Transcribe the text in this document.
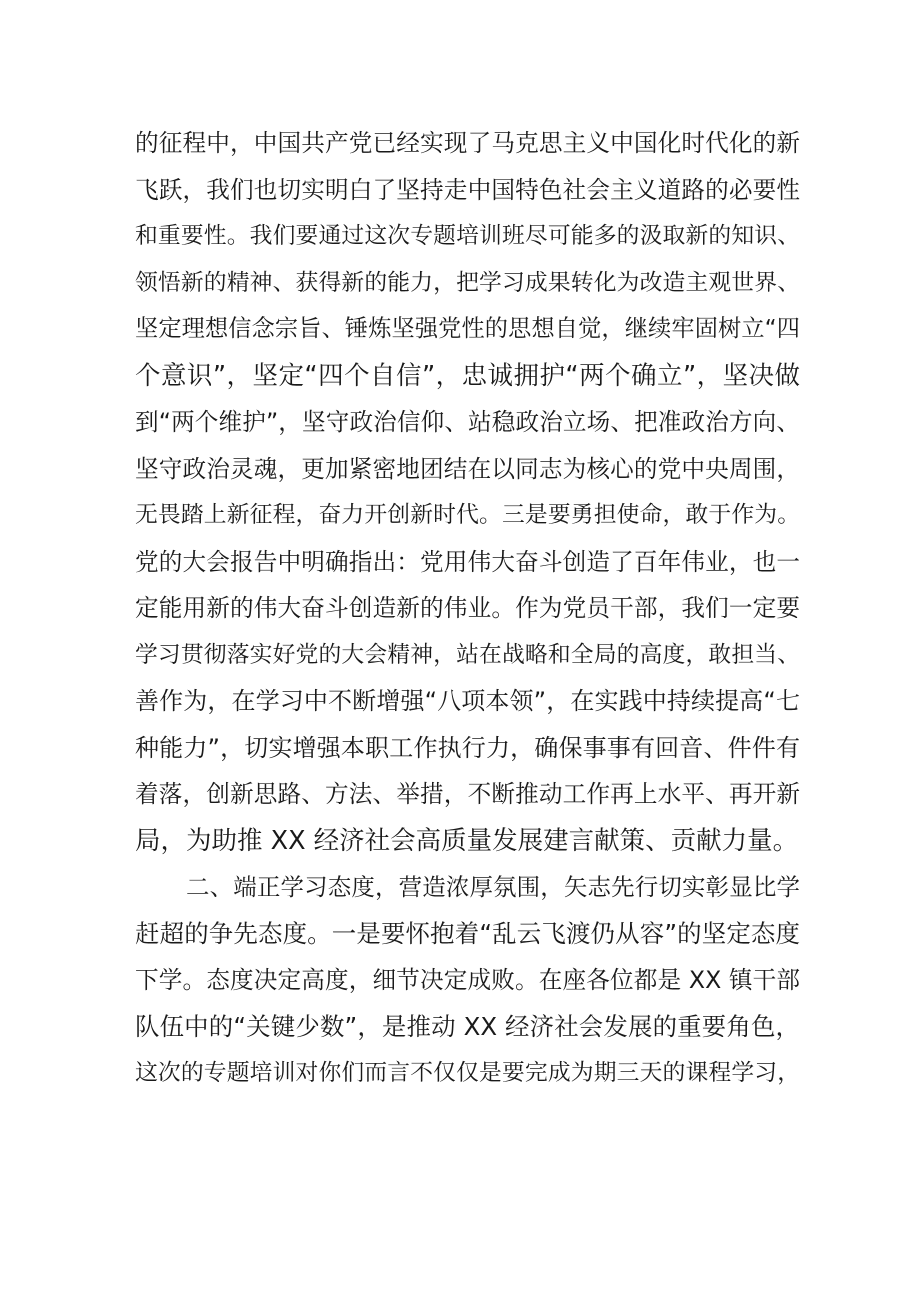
的征程中，中国共产党已经实现了马克思主义中国化时代化的新
飞跃，我们也切实明白了坚持走中国特色社会主义道路的必要性
和重要性。我们要通过这次专题培训班尽可能多的汲取新的知识、
领悟新的精神、获得新的能力，把学习成果转化为改造主观世界、
坚定理想信念宗旨、锤炼坚强党性的思想自觉，继续牢固树立“四
个意识”，坚定“四个自信”，忠诚拥护“两个确立”，坚决做
到“两个维护”，坚守政治信仰、站稳政治立场、把准政治方向、
坚守政治灵魂，更加紧密地团结在以同志为核心的党中央周围，
无畏踏上新征程，奋力开创新时代。三是要勇担使命，敢于作为。
党的大会报告中明确指出：党用伟大奋斗创造了百年伟业，也一
定能用新的伟大奋斗创造新的伟业。作为党员干部，我们一定要
学习贯彻落实好党的大会精神，站在战略和全局的高度，敢担当、
善作为，在学习中不断增强“八项本领”，在实践中持续提高“七
种能力”，切实增强本职工作执行力，确保事事有回音、件件有
着落，创新思路、方法、举措，不断推动工作再上水平、再开新
局，为助推 XX 经济社会高质量发展建言献策、贡献力量。
二、端正学习态度，营造浓厚氛围，矢志先行切实彰显比学
赶超的争先态度。一是要怀抱着“乱云飞渡仍从容”的坚定态度
下学。态度决定高度，细节决定成败。在座各位都是 XX 镇干部
队伍中的“关键少数”，是推动 XX 经济社会发展的重要角色，
这次的专题培训对你们而言不仅仅是要完成为期三天的课程学习，
